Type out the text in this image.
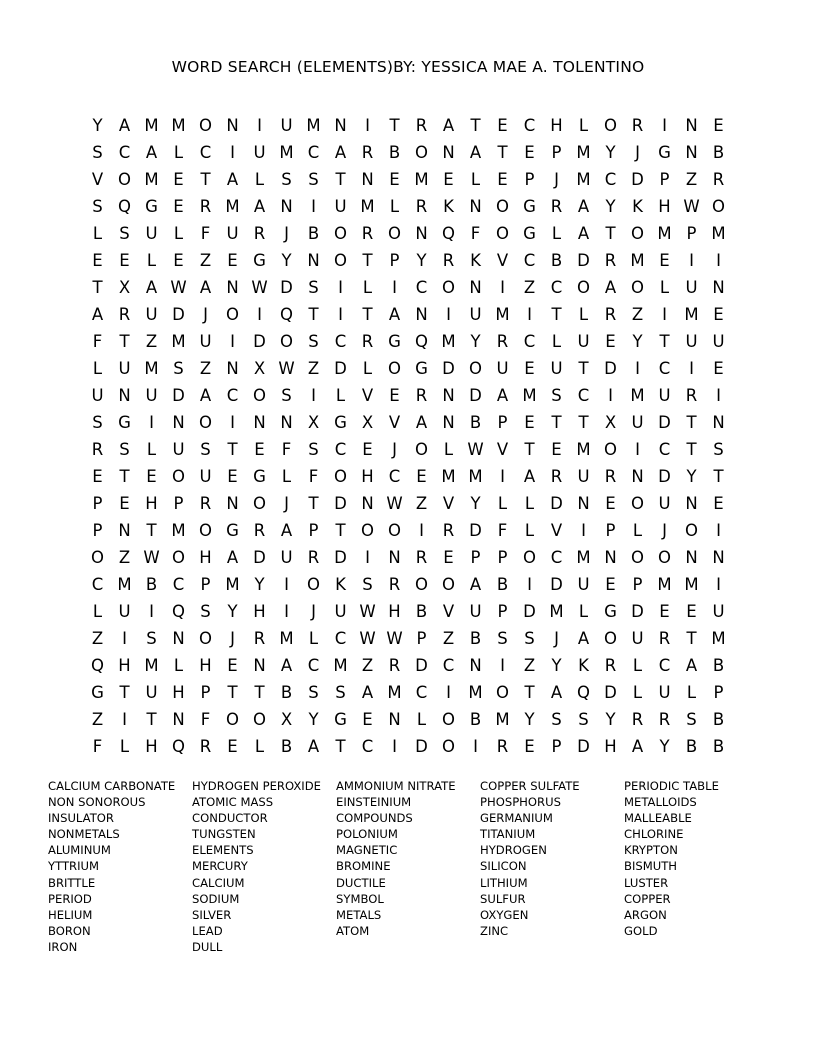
WORD SEARCH (ELEMENTS)BY: YESSICA MAE A. TOLENTINO
Y A M M O N	I	U M N	I	T R A T	E C H L O R	I	N E
S C A	L	C	I	U M C A R B O N A T	E	P M Y	J	G N B
V O M E	T A	L	S	S	T N E M E	L	E	P	J	M C D P Z R
S Q G E R M A N	I	U M L	R K N O G R A Y	K H W O
L	S U L	F U R	J	B O R O N Q F O G L	A T O M P M
E	E	L	E Z E G Y N O T	P	Y R K V C B D R M E	I	I
T X A W A N W D S	I	L	I	C O N	I	Z C O A O L U N
A R U D	J	O	I	Q T	I	T A N	I	U M	I	T	L	R Z	I	M E
F	T Z M U	I	D O S C R G Q M Y R C	L U E	Y	T U U
L U M S Z N X W Z D L O G D O U E U T D	I	C	I	E
U N U D A C O S	I	L	V E R N D A M S C	I	M U R	I
S G	I	N O	I	N N X G X V A N B P	E	T	T X U D T N
R S	L U S	T	E	F	S C E	J	O L W V T	E M O	I	C T	S
E	T	E O U E G L	F O H C E M M	I	A R U R N D Y	T
P	E H P R N O	J	T D N W Z V Y	L	L D N E O U N E
P N T M O G R A P	T O O	I	R D F	L	V	I	P	L	J	O	I
O Z W O H A D U R D	I	N R E	P	P O C M N O O N N
C M B C P M Y	I	O K S R O O A B	I	D U E	P M M	I
L U	I	Q S	Y H	I	J	U W H B V U P D M L G D E	E U
Z	I	S N O	J	R M L	C W W P Z B S	S	J	A O U R T M
Q H M L H E N A C M Z R D C N	I	Z Y	K R	L	C A B
G T U H P	T	T B S	S A M C	I	M O T A Q D L U L	P
Z	I	T N F O O X Y G E N L O B M Y	S	S	Y R R S B
F	L H Q R E	L	B A T C	I	D O	I	R E	P D H A Y B B
CALCIUM CARBONATE	HYDROGEN PEROXIDE	AMMONIUM NITRATE	COPPER SULFATE	PERIODIC TABLE
NON SONOROUS	ATOMIC MASS	EINSTEINIUM	PHOSPHORUS	METALLOIDS
INSULATOR	CONDUCTOR	COMPOUNDS	GERMANIUM	MALLEABLE
NONMETALS	TUNGSTEN	POLONIUM	TITANIUM	CHLORINE
ALUMINUM	ELEMENTS	MAGNETIC	HYDROGEN	KRYPTON
YTTRIUM	MERCURY	BROMINE	SILICON	BISMUTH
BRITTLE	CALCIUM	DUCTILE	LITHIUM	LUSTER
PERIOD	SODIUM	SYMBOL	SULFUR	COPPER
HELIUM	SILVER	METALS	OXYGEN	ARGON
BORON	LEAD	ATOM	ZINC	GOLD
IRON	DULL
